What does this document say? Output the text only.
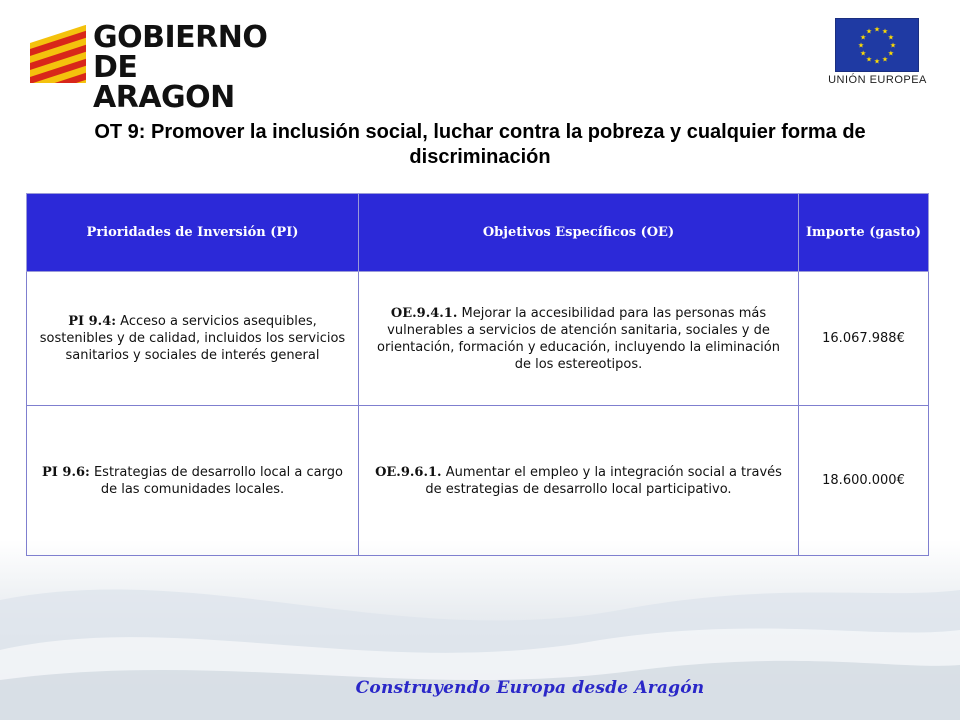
GOBIERNO
DE ARAGON
★ ★
★
★
★
★
★
★
★
★
★
★
UNIÓN EUROPEA
OT 9: Promover la inclusión social, luchar contra la pobreza y cualquier forma de discriminación
Prioridades de Inversión (PI)	Objetivos Específicos (OE)	Importe (gasto)
PI 9.4: Acceso a servicios asequibles, sostenibles y de calidad, incluidos los servicios sanitarios y sociales de interés general	OE.9.4.1. Mejorar la accesibilidad para las personas más vulnerables a servicios de atención sanitaria, sociales y de orientación, formación y educación, incluyendo la eliminación de los estereotipos.	16.067.988€
PI 9.6: Estrategias de desarrollo local a cargo de las comunidades locales.	OE.9.6.1. Aumentar el empleo y la integración social a través de estrategias de desarrollo local participativo.	18.600.000€
Construyendo Europa desde Aragón
